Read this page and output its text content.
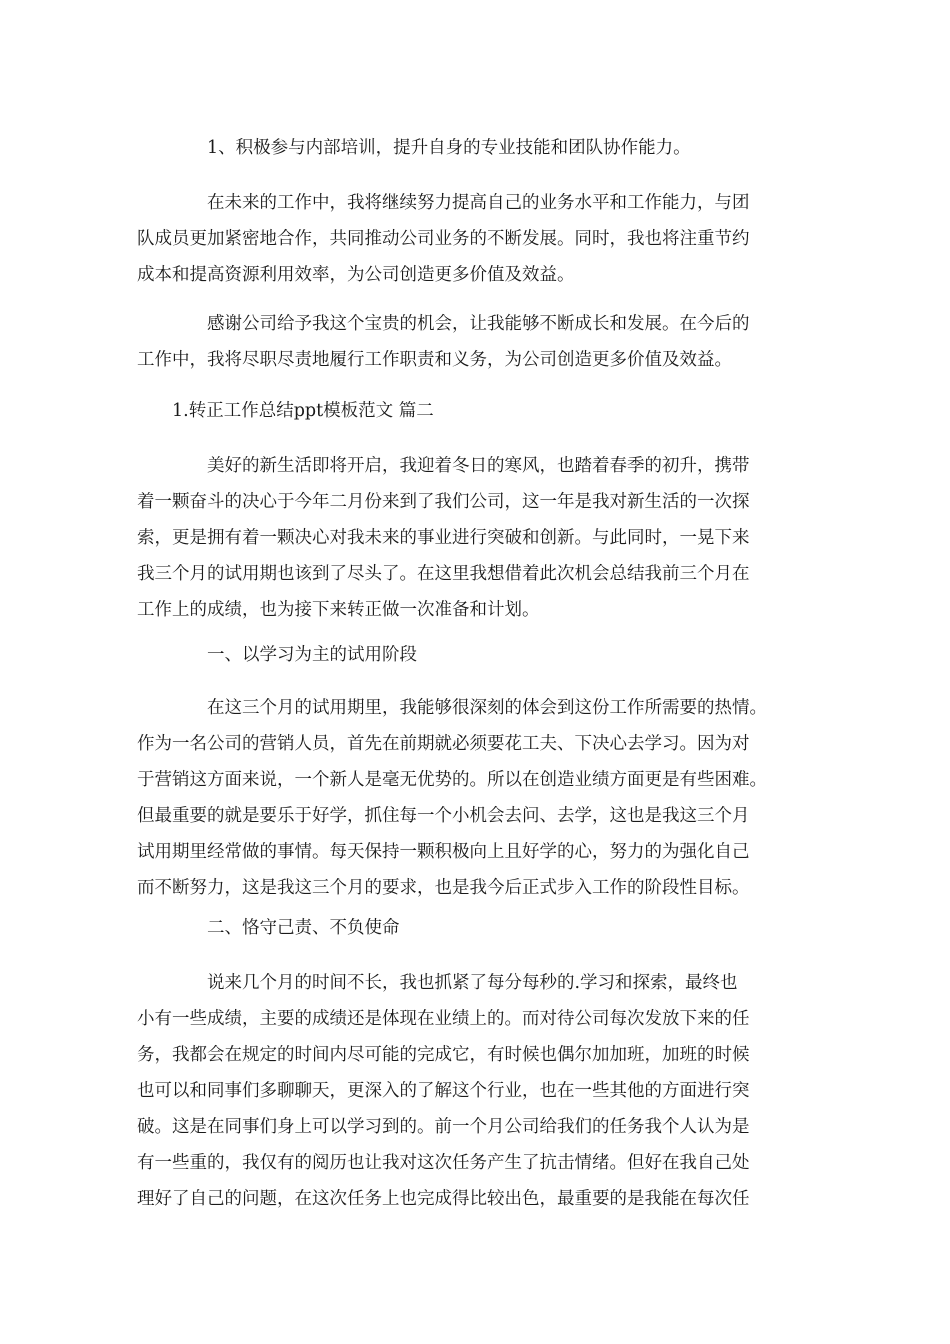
　　　　1、积极参与内部培训，提升自身的专业技能和团队协作能力。
　　　　在未来的工作中，我将继续努力提高自己的业务水平和工作能力，与团
队成员更加紧密地合作，共同推动公司业务的不断发展。同时，我也将注重节约
成本和提高资源利用效率，为公司创造更多价值及效益。
　　　　感谢公司给予我这个宝贵的机会，让我能够不断成长和发展。在今后的
工作中，我将尽职尽责地履行工作职责和义务，为公司创造更多价值及效益。
　　1.转正工作总结ppt模板范文 篇二
　　　　美好的新生活即将开启，我迎着冬日的寒风，也踏着春季的初升，携带
着一颗奋斗的决心于今年二月份来到了我们公司，这一年是我对新生活的一次探
索，更是拥有着一颗决心对我未来的事业进行突破和创新。与此同时，一晃下来
我三个月的试用期也该到了尽头了。在这里我想借着此次机会总结我前三个月在
工作上的成绩，也为接下来转正做一次准备和计划。
　　　　一、以学习为主的试用阶段
　　　　在这三个月的试用期里，我能够很深刻的体会到这份工作所需要的热情。
作为一名公司的营销人员，首先在前期就必须要花工夫、下决心去学习。因为对
于营销这方面来说，一个新人是毫无优势的。所以在创造业绩方面更是有些困难。
但最重要的就是要乐于好学，抓住每一个小机会去问、去学，这也是我这三个月
试用期里经常做的事情。每天保持一颗积极向上且好学的心，努力的为强化自己
而不断努力，这是我这三个月的要求，也是我今后正式步入工作的阶段性目标。
　　　　二、恪守己责、不负使命
　　　　说来几个月的时间不长，我也抓紧了每分每秒的.学习和探索，最终也
小有一些成绩，主要的成绩还是体现在业绩上的。而对待公司每次发放下来的任
务，我都会在规定的时间内尽可能的完成它，有时候也偶尔加加班，加班的时候
也可以和同事们多聊聊天，更深入的了解这个行业，也在一些其他的方面进行突
破。这是在同事们身上可以学习到的。前一个月公司给我们的任务我个人认为是
有一些重的，我仅有的阅历也让我对这次任务产生了抗击情绪。但好在我自己处
理好了自己的问题，在这次任务上也完成得比较出色，最重要的是我能在每次任
